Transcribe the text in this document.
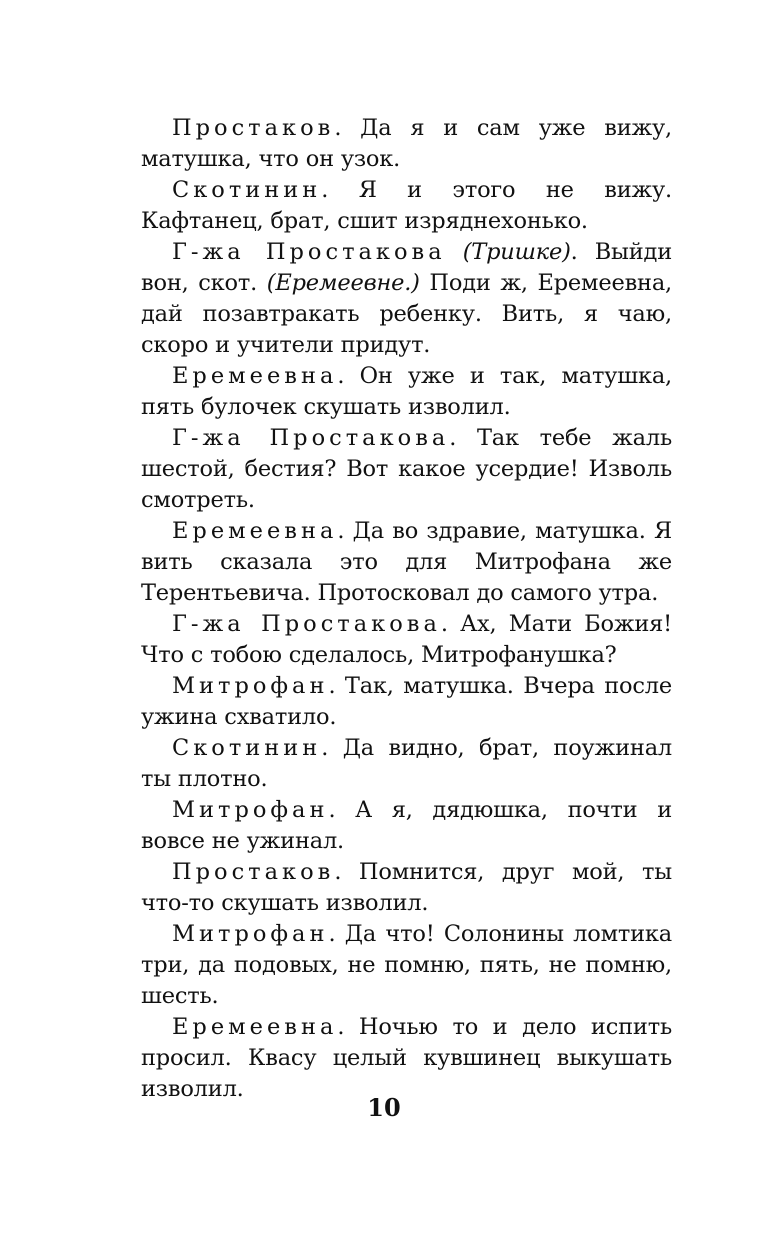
Простаков. Да я и сам уже вижу, матушка, что он узок.

Скотинин. Я и этого не вижу. Кафтанец, брат, сшит изряднехонько.

Г-жа Простакова (Тришке). Выйди вон, скот. (Еремеевне.) Поди ж, Еремеевна, дай позавтракать ребенку. Вить, я чаю, скоро и учители придут.

Еремеевна. Он уже и так, матушка, пять булочек скушать изволил.

Г-жа Простакова. Так тебе жаль шестой, бестия? Вот какое усердие! Изволь смотреть.

Еремеевна. Да во здравие, матушка. Я вить сказала это для Митрофана же Терентьевича. Протосковал до самого утра.

Г-жа Простакова. Ах, Мати Божия! Что с тобою сделалось, Митрофанушка?

Митрофан. Так, матушка. Вчера после ужина схватило.

Скотинин. Да видно, брат, поужинал ты плотно.

Митрофан. А я, дядюшка, почти и вовсе не ужинал.

Простаков. Помнится, друг мой, ты что-то скушать изволил.

Митрофан. Да что! Солонины ломтика три, да подовых, не помню, пять, не помню, шесть.

Еремеевна. Ночью то и дело испить просил. Квасу целый кувшинец выкушать изволил.

10
